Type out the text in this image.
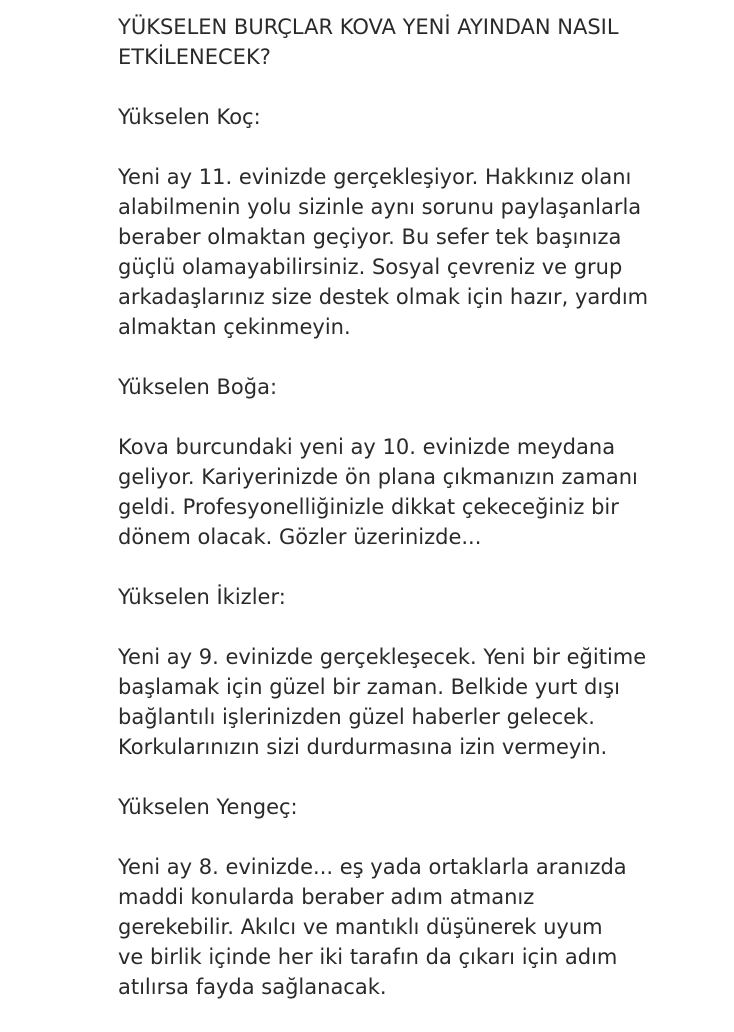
YÜKSELEN BURÇLAR KOVA YENİ AYINDAN NASIL
ETKİLENECEK?
Yükselen Koç:
Yeni ay 11. evinizde gerçekleşiyor. Hakkınız olanı
alabilmenin yolu sizinle aynı sorunu paylaşanlarla
beraber olmaktan geçiyor. Bu sefer tek başınıza
güçlü olamayabilirsiniz. Sosyal çevreniz ve grup
arkadaşlarınız size destek olmak için hazır, yardım
almaktan çekinmeyin.
Yükselen Boğa:
Kova burcundaki yeni ay 10. evinizde meydana
geliyor. Kariyerinizde ön plana çıkmanızın zamanı
geldi. Profesyonelliğinizle dikkat çekeceğiniz bir
dönem olacak. Gözler üzerinizde...
Yükselen İkizler:
Yeni ay 9. evinizde gerçekleşecek. Yeni bir eğitime
başlamak için güzel bir zaman. Belkide yurt dışı
bağlantılı işlerinizden güzel haberler gelecek.
Korkularınızın sizi durdurmasına izin vermeyin.
Yükselen Yengeç:
Yeni ay 8. evinizde... eş yada ortaklarla aranızda
maddi konularda beraber adım atmanız
gerekebilir. Akılcı ve mantıklı düşünerek uyum
ve birlik içinde her iki tarafın da çıkarı için adım
atılırsa fayda sağlanacak.
